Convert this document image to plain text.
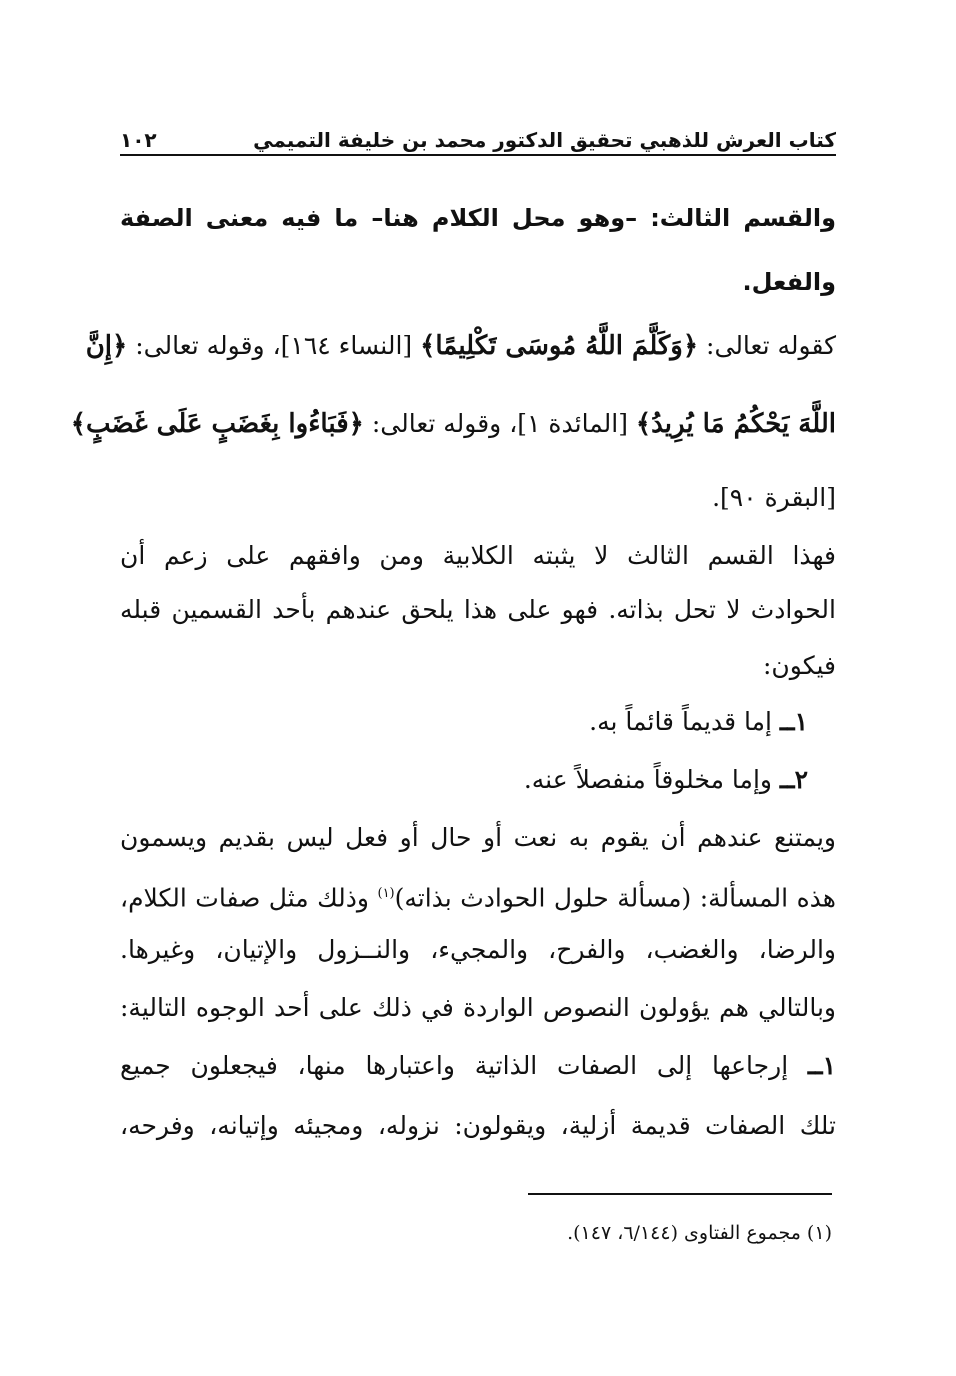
كتاب العرش للذهبي تحقيق الدكتور محمد بن خليفة التميمي
١٠٢
والقسم الثالث: –وهو محل الكلام هنا– ما فيه معنى الصفة
والفعل.
كقوله تعالى: ﴿وَكَلَّمَ اللَّهُ مُوسَى تَكْلِيمًا﴾ [النساء ١٦٤]، وقوله تعالى: ﴿إِنَّ
اللَّهَ يَحْكُمُ مَا يُرِيدُ﴾ [المائدة ١]، وقوله تعالى: ﴿فَبَاءُوا بِغَضَبٍ عَلَى غَضَبٍ﴾
[البقرة ٩٠].
فهذا القسم الثالث لا يثبته الكلابية ومن وافقهم على زعم أن
الحوادث لا تحل بذاته. فهو على هذا يلحق عندهم بأحد القسمين قبله
فيكون:
١ــ إما قديماً قائماً به.
٢ــ وإما مخلوقاً منفصلاً عنه.
ويمتنع عندهم أن يقوم به نعت أو حال أو فعل ليس بقديم ويسمون
هذه المسألة: (مسألة حلول الحوادث بذاته)$^{(١)}$ وذلك مثل صفات الكلام،
والرضا، والغضب، والفرح، والمجيء، والنــزول والإتيان، وغيرها.
وبالتالي هم يؤولون النصوص الواردة في ذلك على أحد الوجوه التالية:
١ــ إرجاعها إلى الصفات الذاتية واعتبارها منها، فيجعلون جميع
تلك الصفات قديمة أزلية، ويقولون: نزوله، ومجيئه وإتيانه، وفرحه،
(١) مجموع الفتاوى (٦/١٤٤، ١٤٧).
